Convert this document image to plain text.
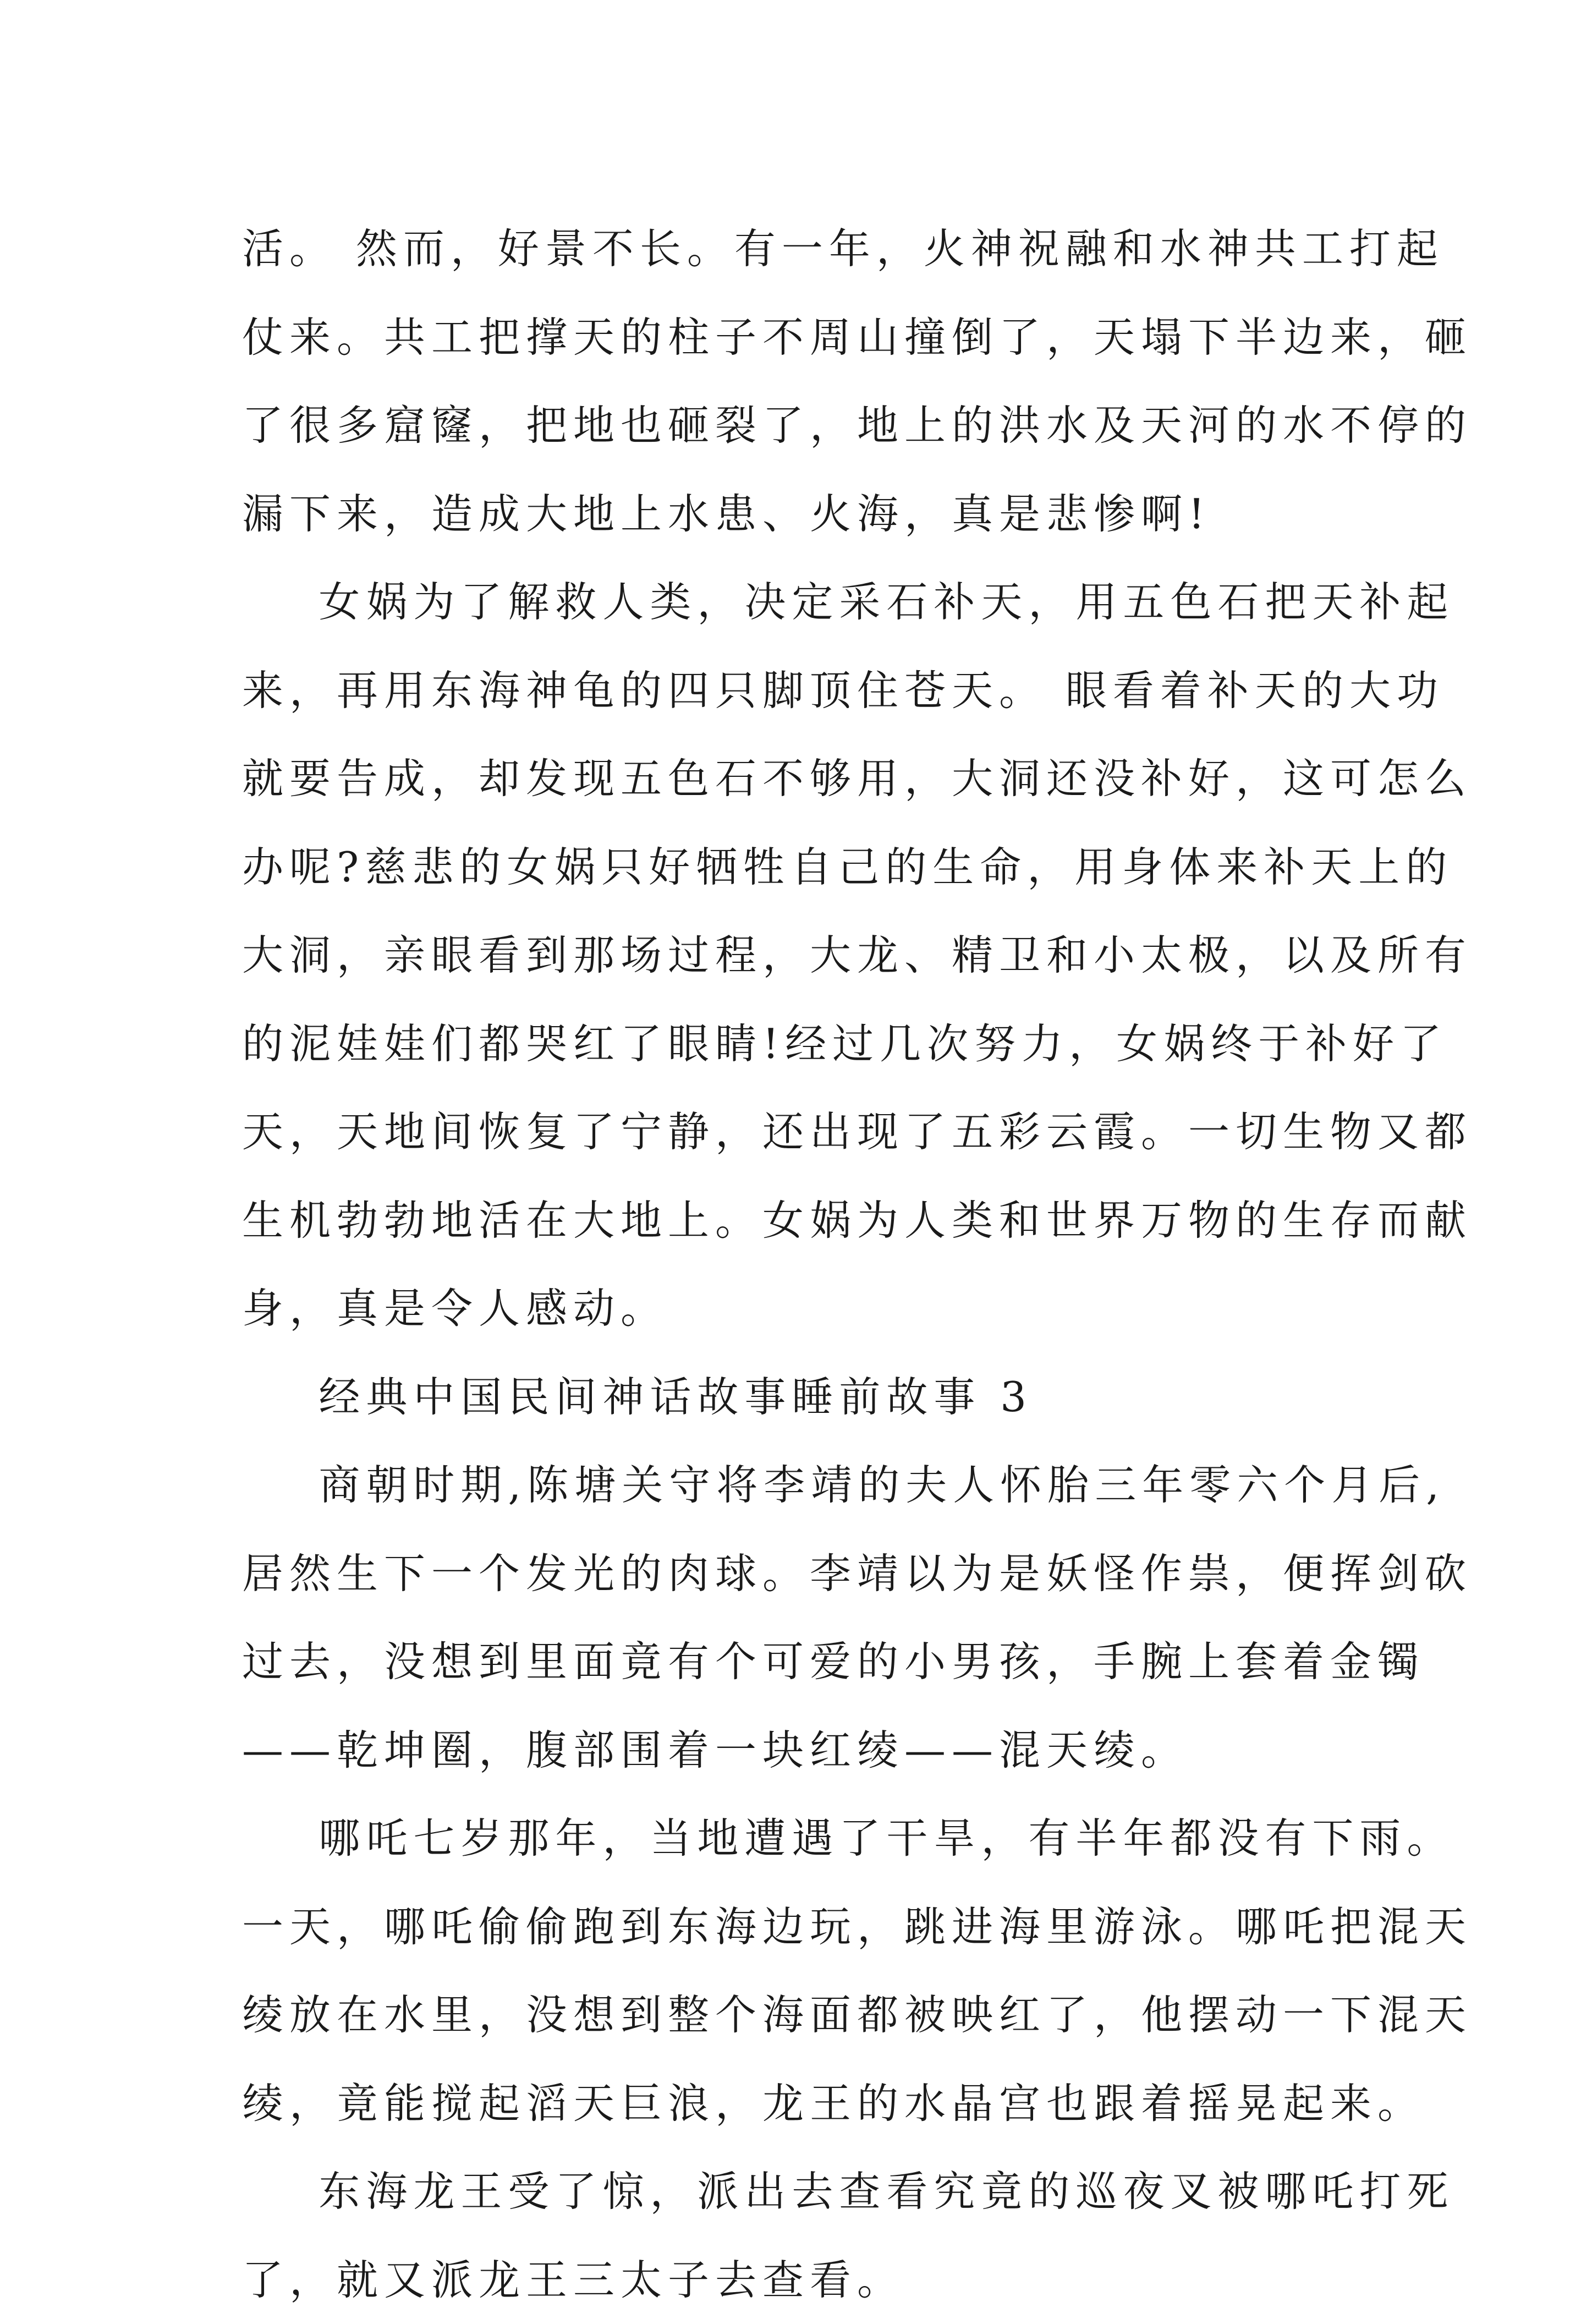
活。 然而，好景不长。有一年，火神祝融和水神共工打起
仗来。共工把撑天的柱子不周山撞倒了，天塌下半边来，砸
了很多窟窿，把地也砸裂了，地上的洪水及天河的水不停的
漏下来，造成大地上水患、火海，真是悲惨啊!
女娲为了解救人类，决定采石补天，用五色石把天补起
来，再用东海神龟的四只脚顶住苍天。 眼看着补天的大功
就要告成，却发现五色石不够用，大洞还没补好，这可怎么
办呢?慈悲的女娲只好牺牲自己的生命，用身体来补天上的
大洞，亲眼看到那场过程，大龙、精卫和小太极，以及所有
的泥娃娃们都哭红了眼睛!经过几次努力，女娲终于补好了
天，天地间恢复了宁静，还出现了五彩云霞。一切生物又都
生机勃勃地活在大地上。女娲为人类和世界万物的生存而献
身，真是令人感动。
经典中国民间神话故事睡前故事 3
商朝时期,陈塘关守将李靖的夫人怀胎三年零六个月后,
居然生下一个发光的肉球。李靖以为是妖怪作祟，便挥剑砍
过去，没想到里面竟有个可爱的小男孩，手腕上套着金镯
——乾坤圈，腹部围着一块红绫——混天绫。
哪吒七岁那年，当地遭遇了干旱，有半年都没有下雨。
一天，哪吒偷偷跑到东海边玩，跳进海里游泳。哪吒把混天
绫放在水里，没想到整个海面都被映红了，他摆动一下混天
绫，竟能搅起滔天巨浪，龙王的水晶宫也跟着摇晃起来。
东海龙王受了惊，派出去查看究竟的巡夜叉被哪吒打死
了，就又派龙王三太子去查看。
